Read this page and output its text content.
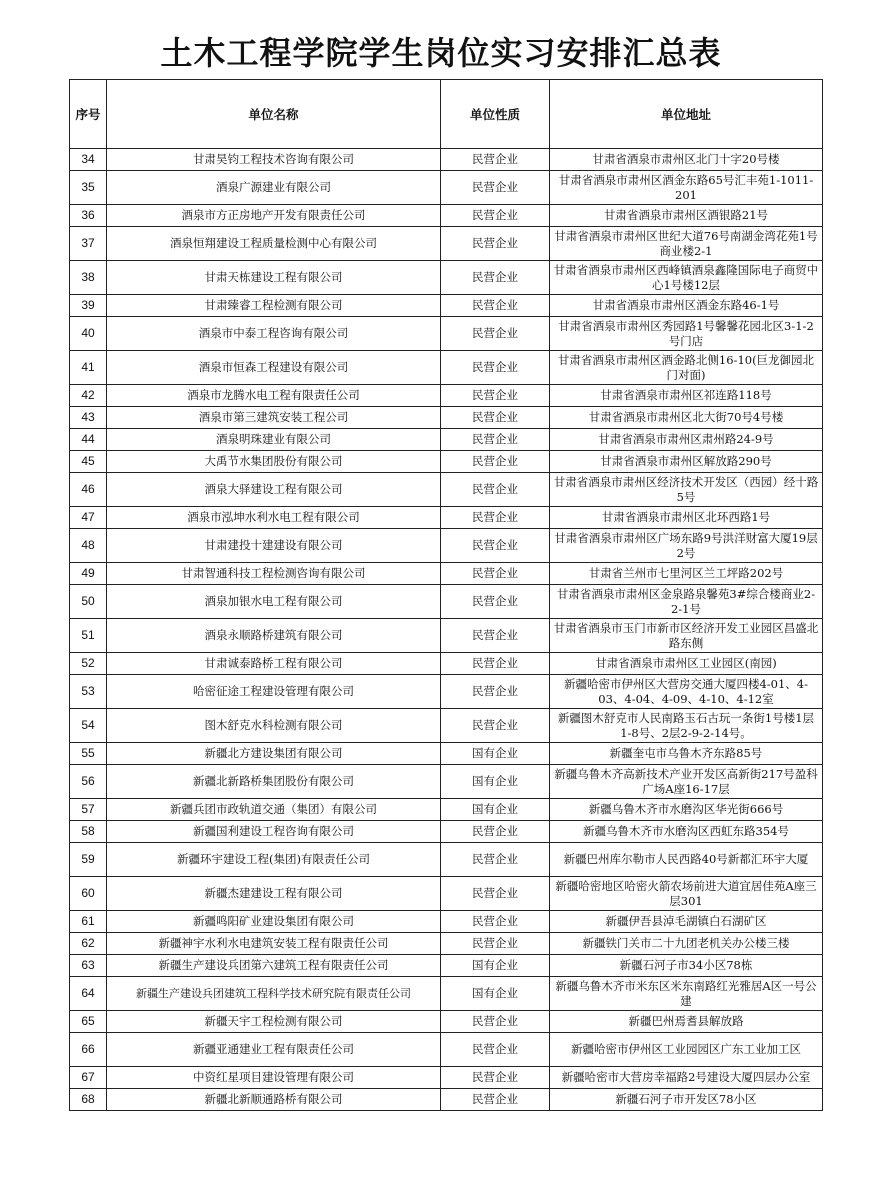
土木工程学院学生岗位实习安排汇总表
序号	单位名称	单位性质	单位地址
34	甘肃昊钧工程技术咨询有限公司	民营企业	甘肃省酒泉市肃州区北门十字20号楼
35	酒泉广源建业有限公司	民营企业	甘肃省酒泉市肃州区酒金东路65号汇丰苑1-1011-201
36	酒泉市方正房地产开发有限责任公司	民营企业	甘肃省酒泉市肃州区酒银路21号
37	酒泉恒翔建设工程质量检测中心有限公司	民营企业	甘肃省酒泉市肃州区世纪大道76号南湖金湾花苑1号商业楼2-1
38	甘肃天栋建设工程有限公司	民营企业	甘肃省酒泉市肃州区西峰镇酒泉鑫隆国际电子商贸中心1号楼12层
39	甘肃臻睿工程检测有限公司	民营企业	甘肃省酒泉市肃州区酒金东路46-1号
40	酒泉市中泰工程咨询有限公司	民营企业	甘肃省酒泉市肃州区秀园路1号馨馨花园北区3-1-2号门店
41	酒泉市恒森工程建设有限公司	民营企业	甘肃省酒泉市肃州区酒金路北侧16-10(巨龙御园北门对面)
42	酒泉市龙腾水电工程有限责任公司	民营企业	甘肃省酒泉市肃州区祁连路118号
43	酒泉市第三建筑安装工程公司	民营企业	甘肃省酒泉市肃州区北大街70号4号楼
44	酒泉明珠建业有限公司	民营企业	甘肃省酒泉市肃州区肃州路24-9号
45	大禹节水集团股份有限公司	民营企业	甘肃省酒泉市肃州区解放路290号
46	酒泉大驿建设工程有限公司	民营企业	甘肃省酒泉市肃州区经济技术开发区（西园）经十路5号
47	酒泉市泓坤水利水电工程有限公司	民营企业	甘肃省酒泉市肃州区北环西路1号
48	甘肃建投十建建设有限公司	民营企业	甘肃省酒泉市肃州区广场东路9号洪洋财富大厦19层2号
49	甘肃智通科技工程检测咨询有限公司	民营企业	甘肃省兰州市七里河区兰工坪路202号
50	酒泉加银水电工程有限公司	民营企业	甘肃省酒泉市肃州区金泉路泉馨苑3#综合楼商业2-2-1号
51	酒泉永顺路桥建筑有限公司	民营企业	甘肃省酒泉市玉门市新市区经济开发工业园区昌盛北路东侧
52	甘肃诚泰路桥工程有限公司	民营企业	甘肃省酒泉市肃州区工业园区(南园)
53	哈密征途工程建设管理有限公司	民营企业	新疆哈密市伊州区大营房交通大厦四楼4-01、4-03、4-04、4-09、4-10、4-12室
54	图木舒克水科检测有限公司	民营企业	新疆图木舒克市人民南路玉石古玩一条街1号楼1层1-8号、2层2-9-2-14号。
55	新疆北方建设集团有限公司	国有企业	新疆奎屯市乌鲁木齐东路85号
56	新疆北新路桥集团股份有限公司	国有企业	新疆乌鲁木齐高新技术产业开发区高新街217号盈科广场A座16-17层
57	新疆兵团市政轨道交通（集团）有限公司	国有企业	新疆乌鲁木齐市水磨沟区华光街666号
58	新疆国利建设工程咨询有限公司	民营企业	新疆乌鲁木齐市水磨沟区西虹东路354号
59	新疆环宇建设工程(集团)有限责任公司	民营企业	新疆巴州库尔勒市人民西路40号新都汇环宇大厦
60	新疆杰建建设工程有限公司	民营企业	新疆哈密地区哈密火箭农场前进大道宜居佳苑A座三层301
61	新疆鸣阳矿业建设集团有限公司	民营企业	新疆伊吾县淖毛湖镇白石湖矿区
62	新疆神宇水利水电建筑安装工程有限责任公司	民营企业	新疆铁门关市二十九团老机关办公楼三楼
63	新疆生产建设兵团第六建筑工程有限责任公司	国有企业	新疆石河子市34小区78栋
64	新疆生产建设兵团建筑工程科学技术研究院有限责任公司	国有企业	新疆乌鲁木齐市米东区米东南路红光雅居A区一号公建
65	新疆天宇工程检测有限公司	民营企业	新疆巴州焉耆县解放路
66	新疆亚通建业工程有限责任公司	民营企业	新疆哈密市伊州区工业园园区广东工业加工区
67	中资红星项目建设管理有限公司	民营企业	新疆哈密市大营房幸福路2号建设大厦四层办公室
68	新疆北新顺通路桥有限公司	民营企业	新疆石河子市开发区78小区
